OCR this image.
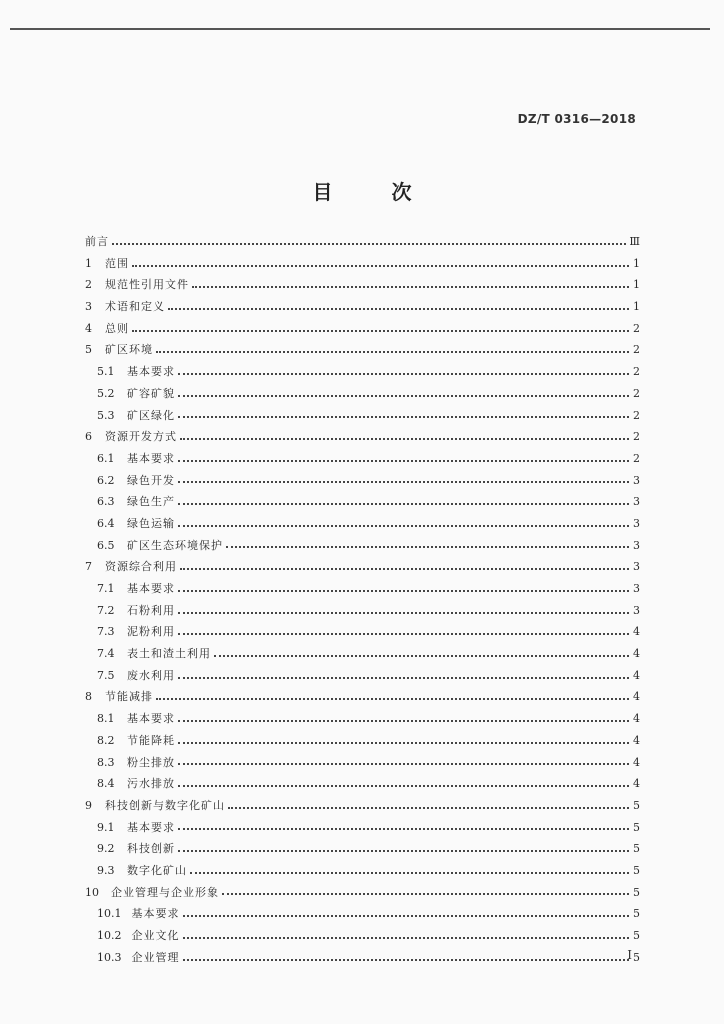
DZ/T 0316—2018
目 次
前言	Ⅲ
1 范围	1
2 规范性引用文件	1
3 术语和定义	1
4 总则	2
5 矿区环境	2
5.1 基本要求	2
5.2 矿容矿貌	2
5.3 矿区绿化	2
6 资源开发方式	2
6.1 基本要求	2
6.2 绿色开发	3
6.3 绿色生产	3
6.4 绿色运输	3
6.5 矿区生态环境保护	3
7 资源综合利用	3
7.1 基本要求	3
7.2 石粉利用	3
7.3 泥粉利用	4
7.4 表土和渣土利用	4
7.5 废水利用	4
8 节能减排	4
8.1 基本要求	4
8.2 节能降耗	4
8.3 粉尘排放	4
8.4 污水排放	4
9 科技创新与数字化矿山	5
9.1 基本要求	5
9.2 科技创新	5
9.3 数字化矿山	5
10 企业管理与企业形象	5
10.1 基本要求	5
10.2 企业文化	5
10.3 企业管理	5
I
